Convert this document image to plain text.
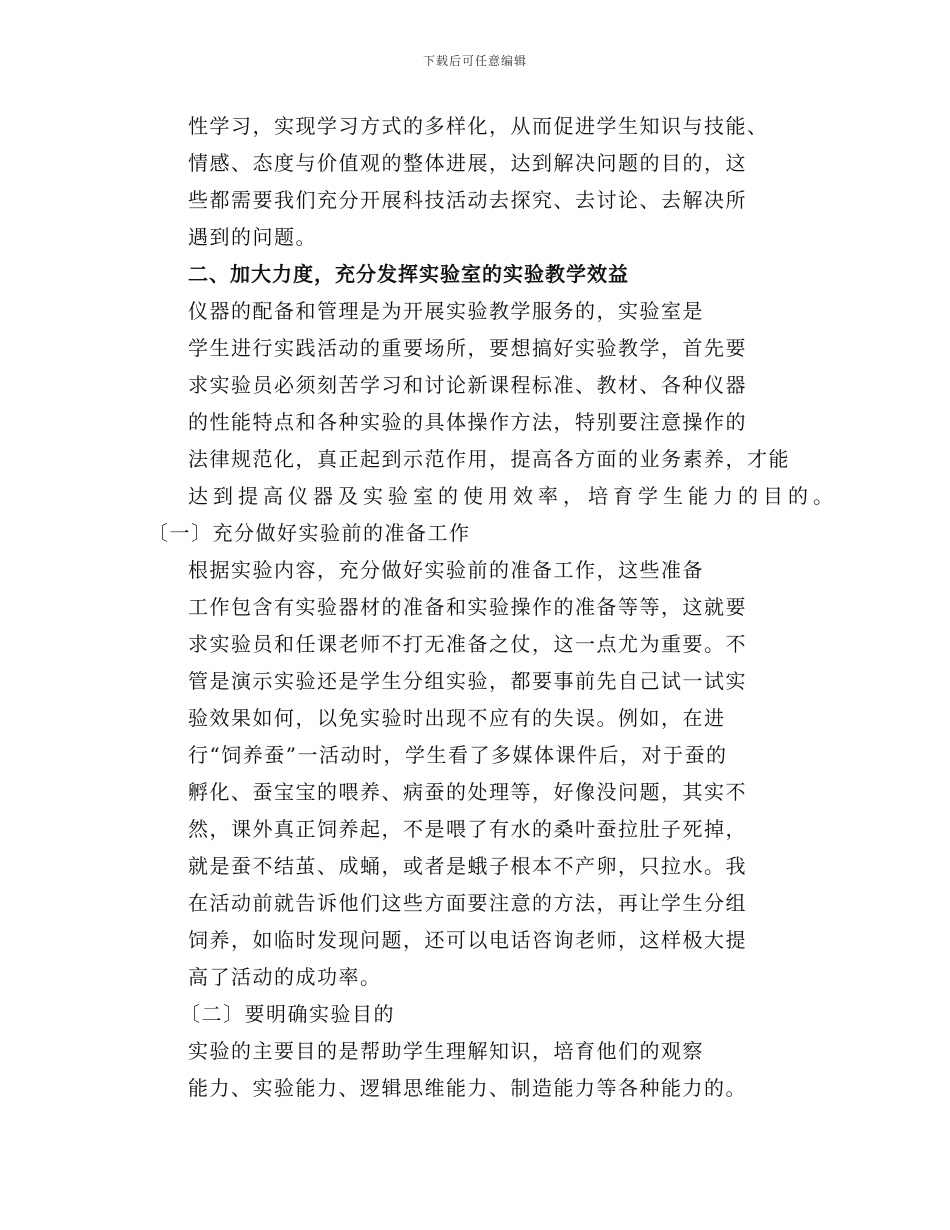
下载后可任意编辑
性学习，实现学习方式的多样化，从而促进学生知识与技能、
情感、态度与价值观的整体进展，达到解决问题的目的，这
些都需要我们充分开展科技活动去探究、去讨论、去解决所
遇到的问题。
二、加大力度，充分发挥实验室的实验教学效益
仪器的配备和管理是为开展实验教学服务的，实验室是
学生进行实践活动的重要场所，要想搞好实验教学，首先要
求实验员必须刻苦学习和讨论新课程标准、教材、各种仪器
的性能特点和各种实验的具体操作方法，特别要注意操作的
法律规范化，真正起到示范作用，提高各方面的业务素养，才能
达到提高仪器及实验室的使用效率，培育学生能力的目的。
〔一〕充分做好实验前的准备工作
根据实验内容，充分做好实验前的准备工作，这些准备
工作包含有实验器材的准备和实验操作的准备等等，这就要
求实验员和任课老师不打无准备之仗，这一点尤为重要。不
管是演示实验还是学生分组实验，都要事前先自己试一试实
验效果如何，以免实验时出现不应有的失误。例如，在进
行“饲养蚕”一活动时，学生看了多媒体课件后，对于蚕的
孵化、蚕宝宝的喂养、病蚕的处理等，好像没问题，其实不
然，课外真正饲养起，不是喂了有水的桑叶蚕拉肚子死掉，
就是蚕不结茧、成蛹，或者是蛾子根本不产卵，只拉水。我
在活动前就告诉他们这些方面要注意的方法，再让学生分组
饲养，如临时发现问题，还可以电话咨询老师，这样极大提
高了活动的成功率。
〔二〕要明确实验目的
实验的主要目的是帮助学生理解知识，培育他们的观察
能力、实验能力、逻辑思维能力、制造能力等各种能力的。
